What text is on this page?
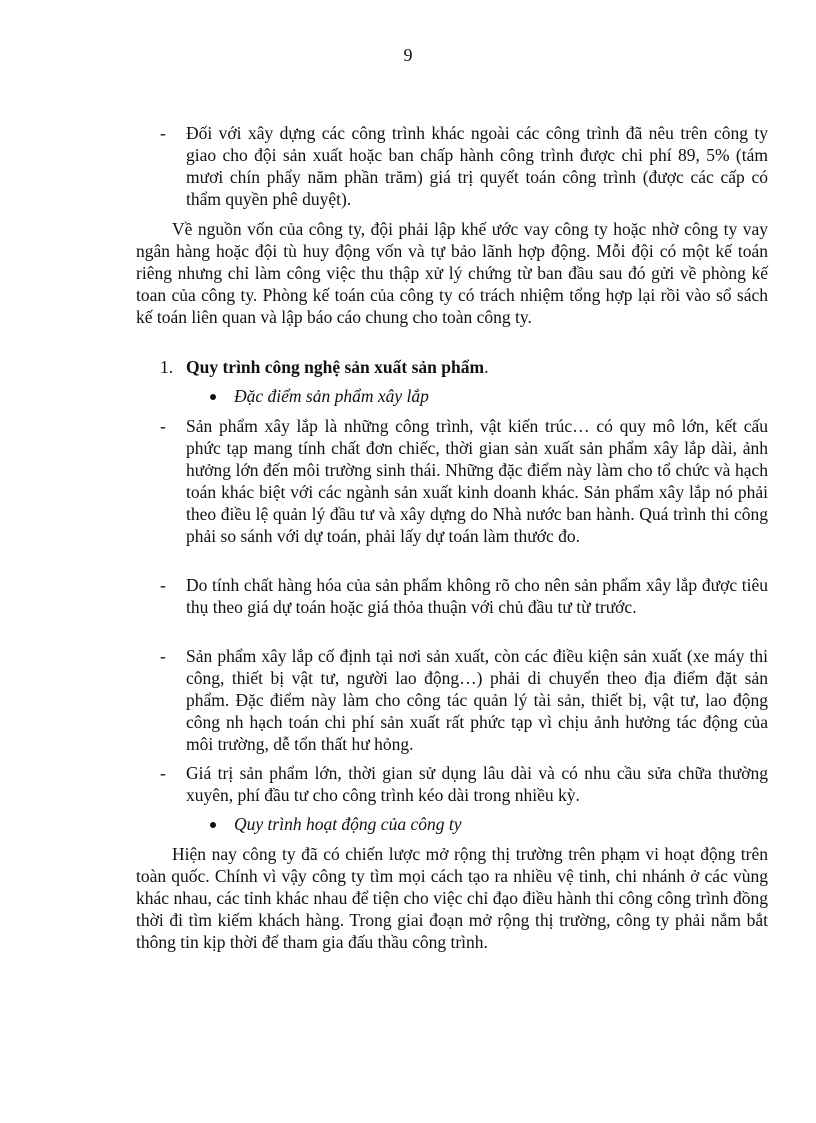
9
-	Đối với xây dựng các công trình khác ngoài các công trình đã nêu trên công ty giao cho đội sản xuất hoặc ban chấp hành công trình được chi phí 89, 5% (tám mươi chín phẩy năm phần trăm) giá trị quyết toán công trình (được các cấp có thẩm quyền phê duyệt).
Về nguồn vốn của công ty, đội phải lập khế ước vay công ty hoặc nhờ công ty vay ngân hàng hoặc đội tù huy động vốn và tự bảo lãnh hợp động. Mỗi đội có một kế toán riêng nhưng chỉ làm công việc thu thập xử lý chứng từ ban đầu sau đó gửi về phòng kế toan của công ty. Phòng kế toán của công ty có trách nhiệm tổng hợp lại rồi vào sổ sách kế toán liên quan và lập báo cáo chung cho toàn công ty.
1. Quy trình công nghệ sản xuất sản phẩm.
Đặc điểm sản phẩm xây lắp
-	Sản phẩm xây lắp là những công trình, vật kiến trúc… có quy mô lớn, kết cấu phức tạp mang tính chất đơn chiếc, thời gian sản xuất sản phẩm xây lắp dài, ảnh hưởng lớn đến môi trường sinh thái. Những đặc điểm này làm cho tổ chức và hạch toán khác biệt với các ngành sản xuất kinh doanh khác. Sản phẩm xây lắp nó phải theo điều lệ quản lý đầu tư và xây dựng do Nhà nước ban hành. Quá trình thi công phải so sánh với dự toán, phải lấy dự toán làm thước đo.
-	Do tính chất hàng hóa của sản phẩm không rõ cho nên sản phẩm xây lắp được tiêu thụ theo giá dự toán hoặc giá thỏa thuận với chủ đầu tư từ trước.
-	Sản phẩm xây lắp cố định tại nơi sản xuất, còn các điều kiện sản xuất (xe máy thi công, thiết bị vật tư, người lao động…) phải di chuyển theo địa điểm đặt sản phẩm. Đặc điểm này làm cho công tác quản lý tài sản, thiết bị, vật tư, lao động công nh hạch toán chi phí sản xuất rất phức tạp vì chịu ảnh hưởng tác động của môi trường, dễ tổn thất hư hỏng.
-	Giá trị sản phẩm lớn, thời gian sử dụng lâu dài và có nhu cầu sửa chữa thường xuyên, phí đầu tư cho công trình kéo dài trong nhiều kỳ.
Quy trình hoạt động của công ty
Hiện nay công ty đã có chiến lược mở rộng thị trường trên phạm vi hoạt động trên toàn quốc. Chính vì vậy công ty tìm mọi cách tạo ra nhiều vệ tinh, chi nhánh ở các vùng khác nhau, các tỉnh khác nhau để tiện cho việc chỉ đạo điều hành thi công công trình đồng thời đi tìm kiếm khách hàng. Trong giai đoạn mở rộng thị trường, công ty phải nắm bắt thông tin kịp thời để tham gia đấu thầu công trình.
